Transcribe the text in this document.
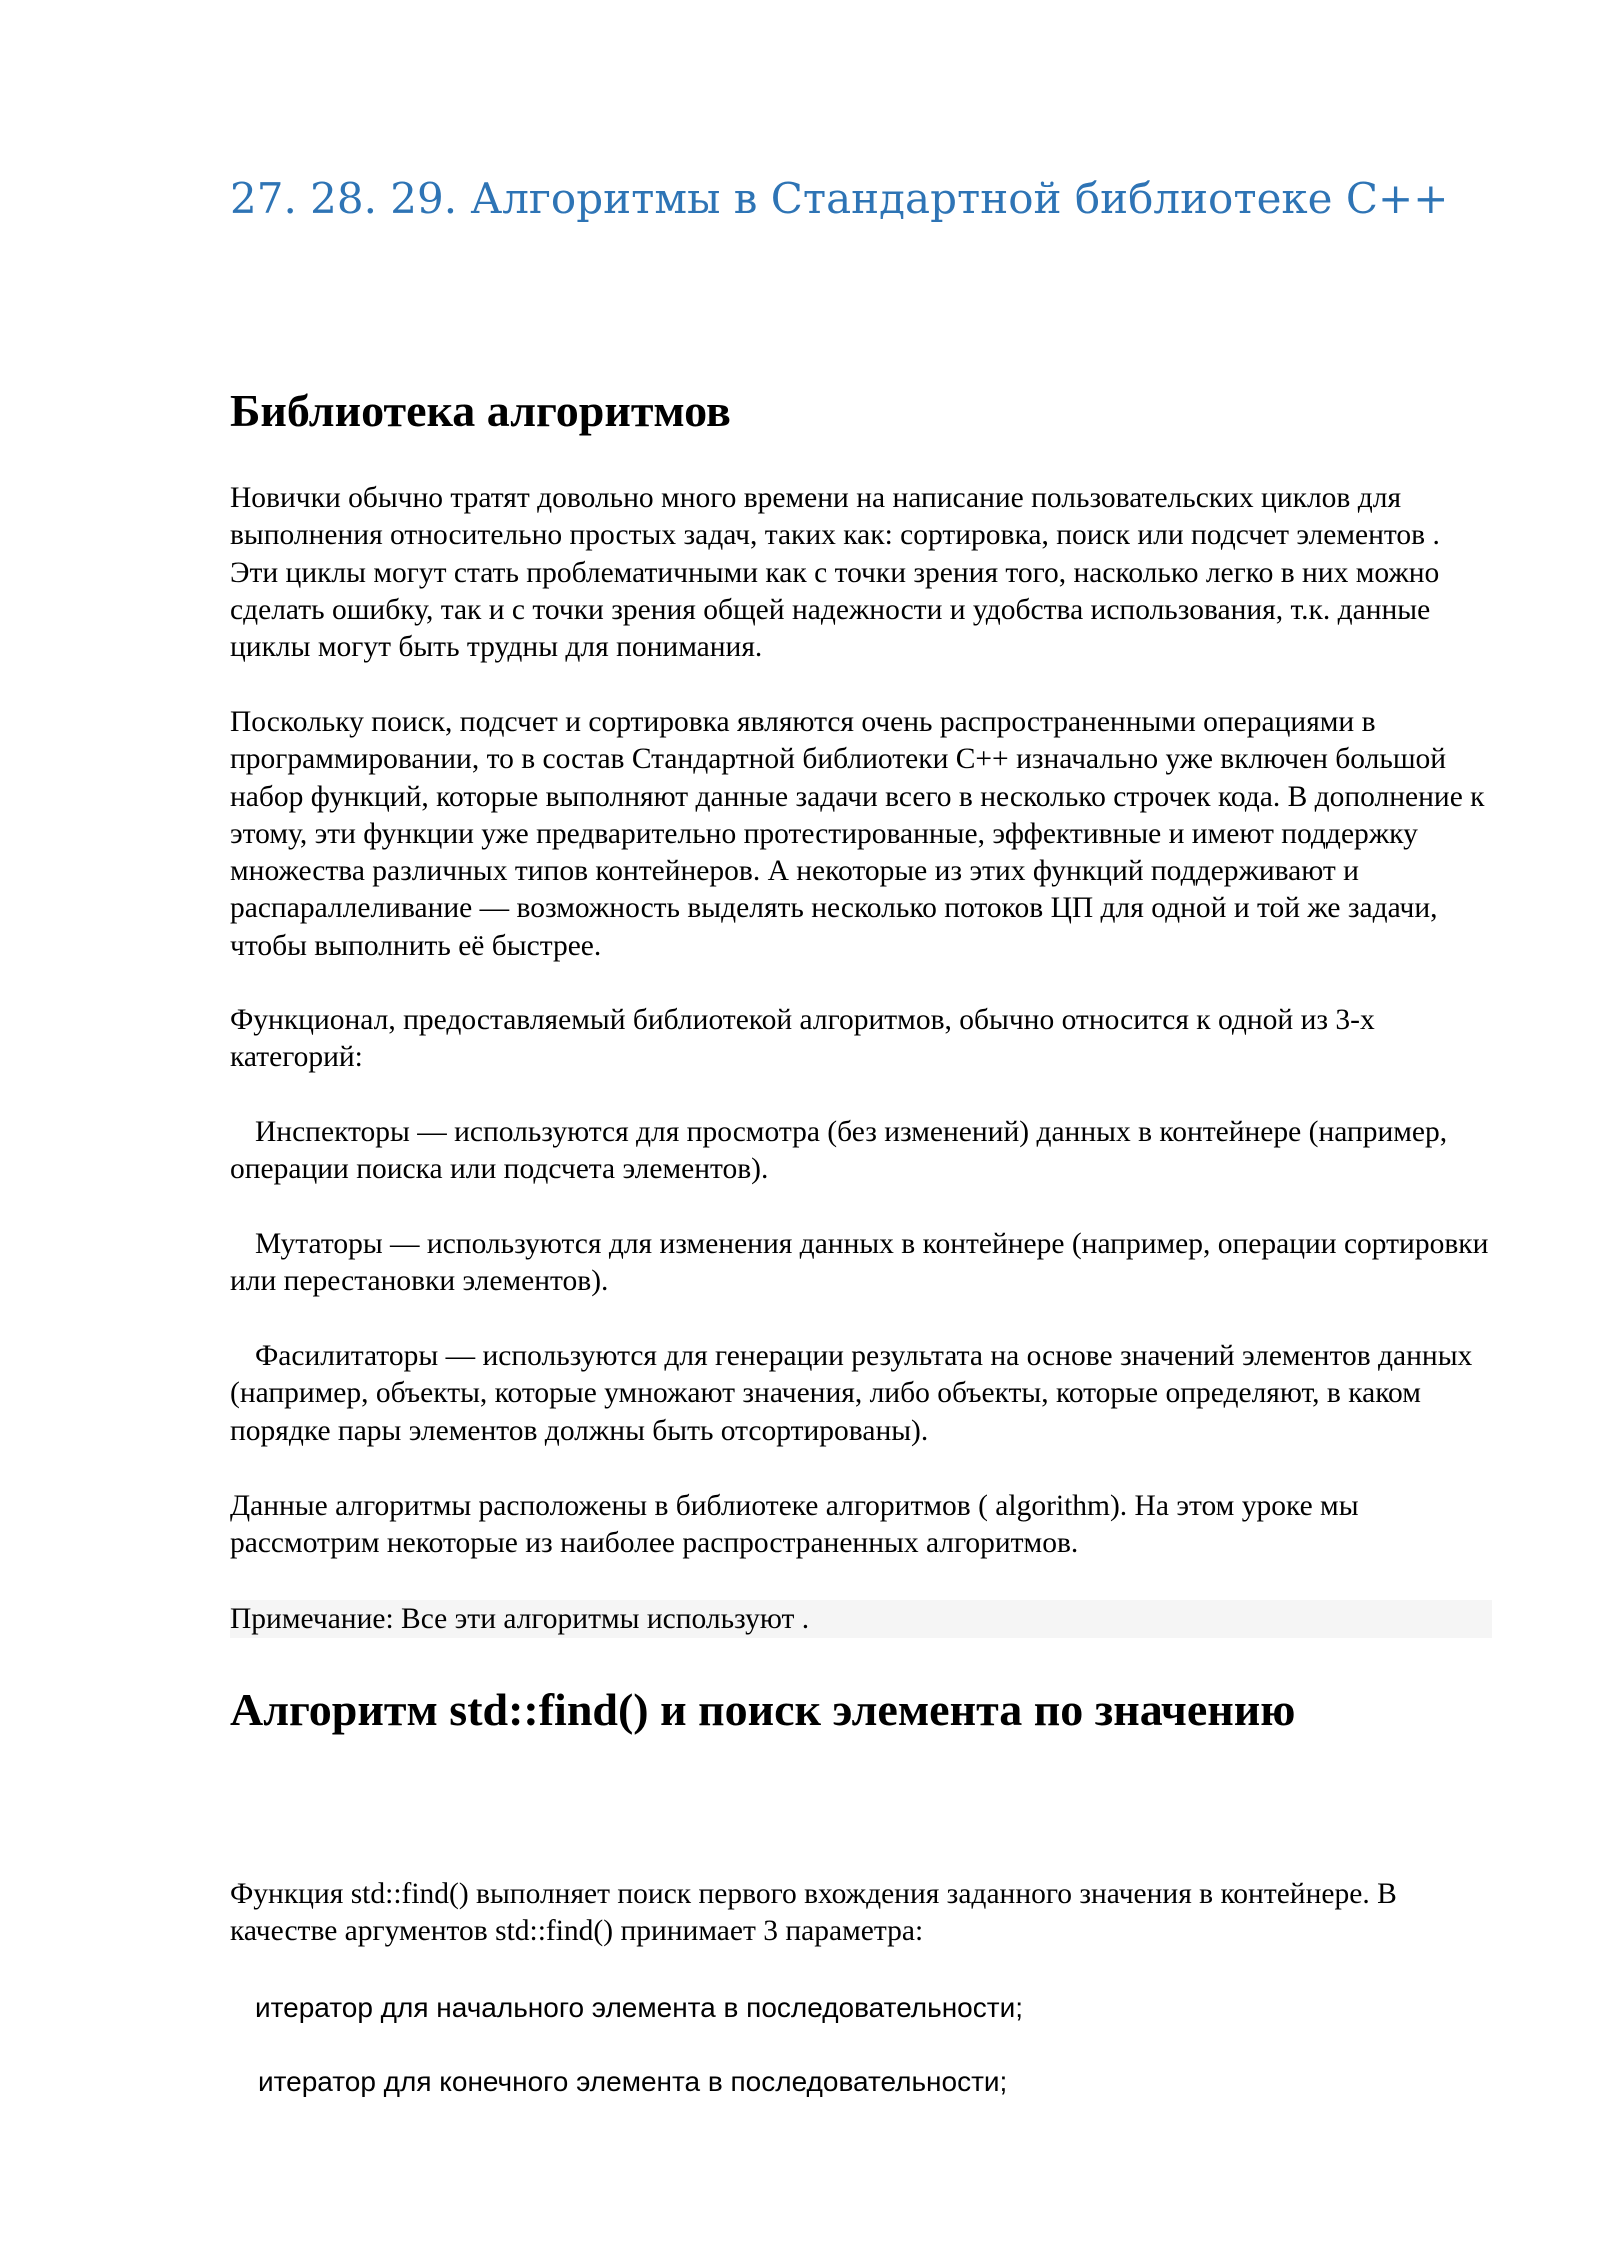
27. 28. 29. Алгоритмы в Стандартной библиотеке С++
Библиотека алгоритмов

Новички обычно тратят довольно много времени на написание пользовательских циклов для выполнения относительно простых задач, таких как: сортировка, поиск или подсчет элементов . Эти циклы могут стать проблематичными как с точки зрения того, насколько легко в них можно сделать ошибку, так и с точки зрения общей надежности и удобства использования, т.к. данные циклы могут быть трудны для понимания.

Поскольку поиск, подсчет и сортировка являются очень распространенными операциями в программировании, то в состав Стандартной библиотеки С++ изначально уже включен большой набор функций, которые выполняют данные задачи всего в несколько строчек кода. В дополнение к этому, эти функции уже предварительно протестированные, эффективные и имеют поддержку множества различных типов контейнеров. А некоторые из этих функций поддерживают и распараллеливание — возможность выделять несколько потоков ЦП для одной и той же задачи, чтобы выполнить её быстрее.

Функционал, предоставляемый библиотекой алгоритмов, обычно относится к одной из 3-х категорий:

Инспекторы — используются для просмотра (без изменений) данных в контейнере (например, операции поиска или подсчета элементов).

Мутаторы — используются для изменения данных в контейнере (например, операции сортировки или перестановки элементов).

Фасилитаторы — используются для генерации результата на основе значений элементов данных (например, объекты, которые умножают значения, либо объекты, которые определяют, в каком порядке пары элементов должны быть отсортированы).

Данные алгоритмы расположены в библиотеке алгоритмов ( algorithm). На этом уроке мы рассмотрим некоторые из наиболее распространенных алгоритмов.

Примечание: Все эти алгоритмы используют .

Алгоритм std::find() и поиск элемента по значению

Функция std::find() выполняет поиск первого вхождения заданного значения в контейнере. В качестве аргументов std::find() принимает 3 параметра:

итератор для начального элемента в последовательности;

итератор для конечного элемента в последовательности;
